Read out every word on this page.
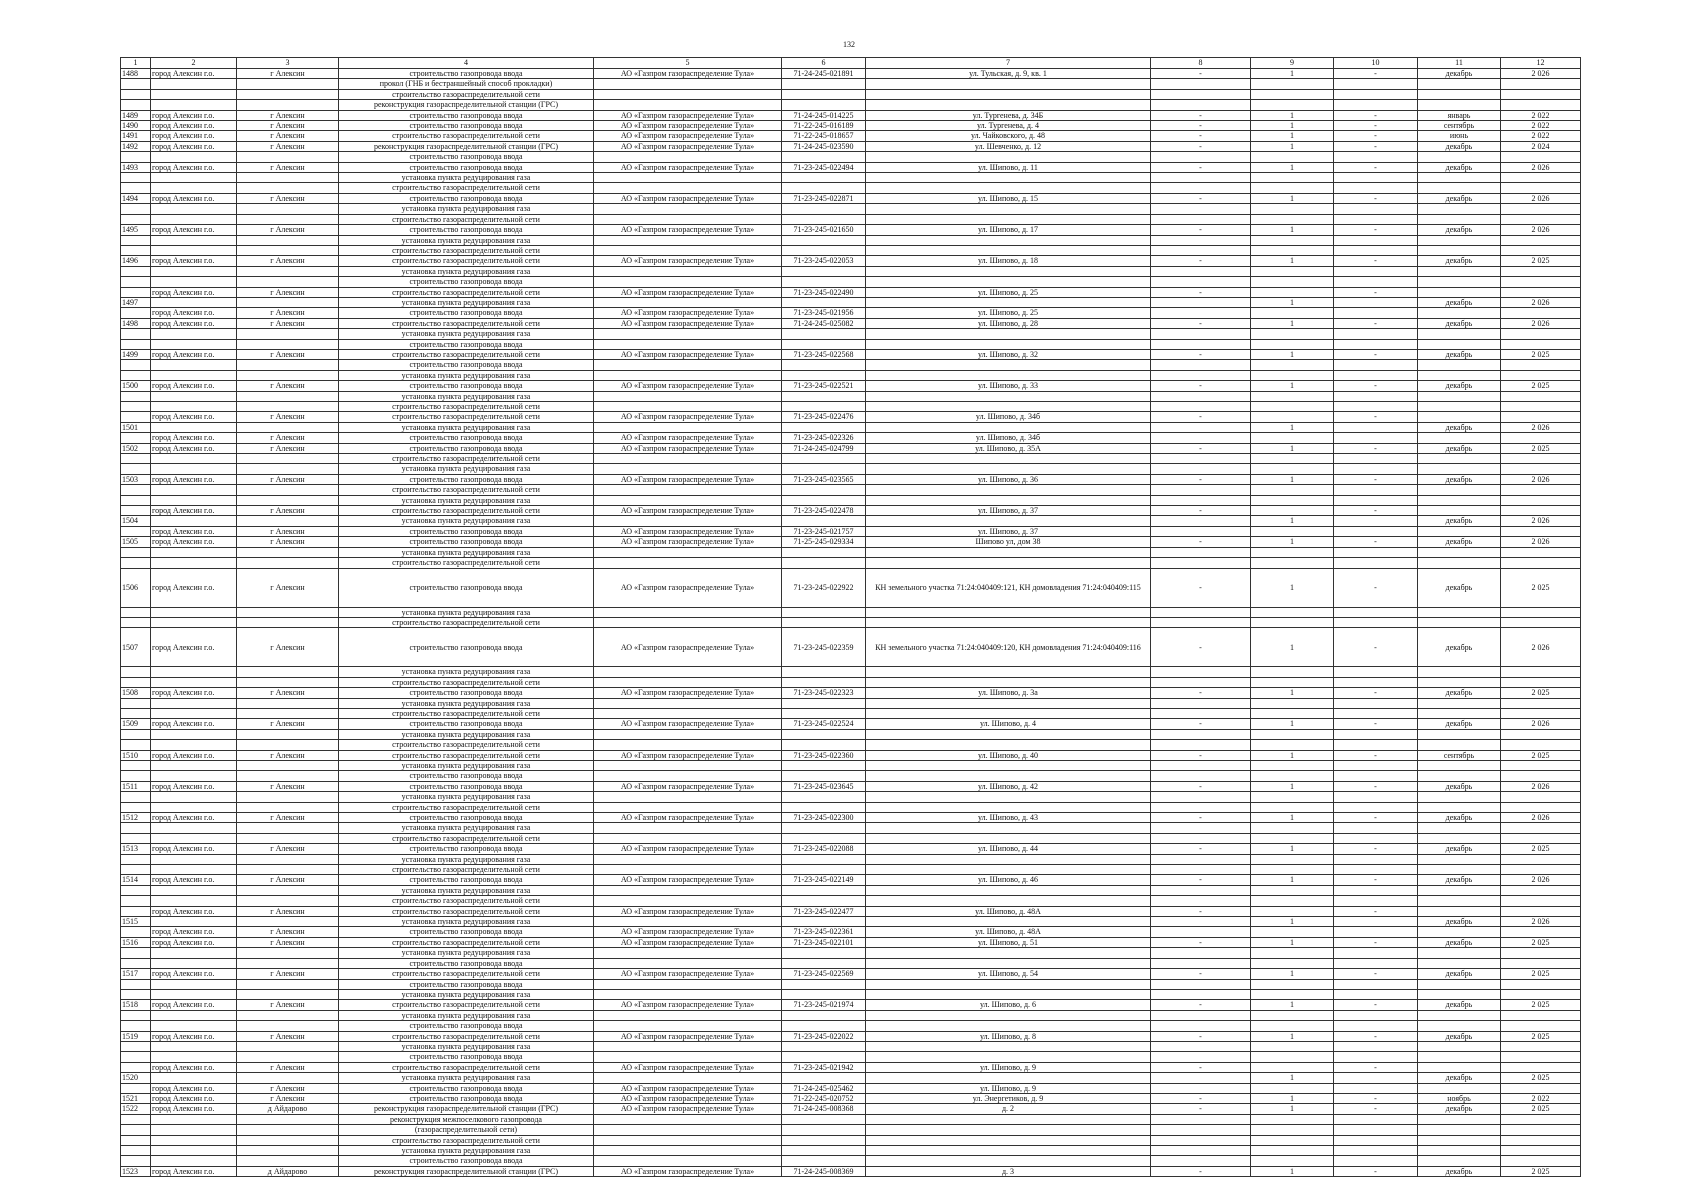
132
1	2	3	4	5	6	7	8	9	10	11	12
1488	город Алексин г.о.	г Алексин	строительство газопровода ввода	АО «Газпром газораспределение Тула»	71-24-245-021891	ул. Тульская, д. 9, кв. 1	-	1	-	декабрь	2 026
			прокол (ГНБ и бестраншейный способ прокладки)								
			строительство газораспределительной сети								
			реконструкция газораспределительной станции (ГРС)								
1489	город Алексин г.о.	г Алексин	строительство газопровода ввода	АО «Газпром газораспределение Тула»	71-24-245-014225	ул. Тургенева, д. 34Б	-	1	-	январь	2 022
1490	город Алексин г.о.	г Алексин	строительство газопровода ввода	АО «Газпром газораспределение Тула»	71-22-245-016189	ул. Тургенева, д. 4	-	1	-	сентябрь	2 022
1491	город Алексин г.о.	г Алексин	строительство газораспределительной сети	АО «Газпром газораспределение Тула»	71-22-245-018657	ул. Чайковского, д. 48	-	1	-	июнь	2 022
1492	город Алексин г.о.	г Алексин	реконструкция газораспределительной станции (ГРС)	АО «Газпром газораспределение Тула»	71-24-245-023590	ул. Шевченко, д. 12	-	1	-	декабрь	2 024
			строительство газопровода ввода								
1493	город Алексин г.о.	г Алексин	строительство газопровода ввода	АО «Газпром газораспределение Тула»	71-23-245-022494	ул. Шипово, д. 11	-	1	-	декабрь	2 026
			установка пункта редуцирования газа								
			строительство газораспределительной сети								
1494	город Алексин г.о.	г Алексин	строительство газопровода ввода	АО «Газпром газораспределение Тула»	71-23-245-022871	ул. Шипово, д. 15	-	1	-	декабрь	2 026
			установка пункта редуцирования газа								
			строительство газораспределительной сети								
1495	город Алексин г.о.	г Алексин	строительство газопровода ввода	АО «Газпром газораспределение Тула»	71-23-245-021650	ул. Шипово, д. 17	-	1	-	декабрь	2 026
			установка пункта редуцирования газа								
			строительство газораспределительной сети								
1496	город Алексин г.о.	г Алексин	строительство газораспределительной сети	АО «Газпром газораспределение Тула»	71-23-245-022053	ул. Шипово, д. 18	-	1	-	декабрь	2 025
			установка пункта редуцирования газа								
			строительство газопровода ввода								
	город Алексин г.о.	г Алексин	строительство газораспределительной сети	АО «Газпром газораспределение Тула»	71-23-245-022490	ул. Шипово, д. 25	-		-		
1497			установка пункта редуцирования газа					1		декабрь	2 026
	город Алексин г.о.	г Алексин	строительство газопровода ввода	АО «Газпром газораспределение Тула»	71-23-245-021956	ул. Шипово, д. 25					
1498	город Алексин г.о.	г Алексин	строительство газораспределительной сети	АО «Газпром газораспределение Тула»	71-24-245-025082	ул. Шипово, д. 28	-	1	-	декабрь	2 026
			установка пункта редуцирования газа								
			строительство газопровода ввода								
1499	город Алексин г.о.	г Алексин	строительство газораспределительной сети	АО «Газпром газораспределение Тула»	71-23-245-022568	ул. Шипово, д. 32	-	1	-	декабрь	2 025
			строительство газопровода ввода								
			установка пункта редуцирования газа								
1500	город Алексин г.о.	г Алексин	строительство газопровода ввода	АО «Газпром газораспределение Тула»	71-23-245-022521	ул. Шипово, д. 33	-	1	-	декабрь	2 025
			установка пункта редуцирования газа								
			строительство газораспределительной сети								
	город Алексин г.о.	г Алексин	строительство газораспределительной сети	АО «Газпром газораспределение Тула»	71-23-245-022476	ул. Шипово, д. 34б	-		-		
1501			установка пункта редуцирования газа					1		декабрь	2 026
	город Алексин г.о.	г Алексин	строительство газопровода ввода	АО «Газпром газораспределение Тула»	71-23-245-022326	ул. Шипово, д. 34б					
1502	город Алексин г.о.	г Алексин	строительство газопровода ввода	АО «Газпром газораспределение Тула»	71-24-245-024799	ул. Шипово, д. 35А	-	1	-	декабрь	2 025
			строительство газораспределительной сети								
			установка пункта редуцирования газа								
1503	город Алексин г.о.	г Алексин	строительство газопровода ввода	АО «Газпром газораспределение Тула»	71-23-245-023565	ул. Шипово, д. 36	-	1	-	декабрь	2 026
			строительство газораспределительной сети								
			установка пункта редуцирования газа								
	город Алексин г.о.	г Алексин	строительство газораспределительной сети	АО «Газпром газораспределение Тула»	71-23-245-022478	ул. Шипово, д. 37	-		-		
1504			установка пункта редуцирования газа					1		декабрь	2 026
	город Алексин г.о.	г Алексин	строительство газопровода ввода	АО «Газпром газораспределение Тула»	71-23-245-021757	ул. Шипово, д. 37					
1505	город Алексин г.о.	г Алексин	строительство газопровода ввода	АО «Газпром газораспределение Тула»	71-25-245-029334	Шипово ул, дом 38	-	1	-	декабрь	2 026
			установка пункта редуцирования газа								
			строительство газораспределительной сети								
1506	город Алексин г.о.	г Алексин	строительство газопровода ввода	АО «Газпром газораспределение Тула»	71-23-245-022922	КН земельного участка 71:24:040409:121, КН домовладения 71:24:040409:115	-	1	-	декабрь	2 025
			установка пункта редуцирования газа								
			строительство газораспределительной сети								
1507	город Алексин г.о.	г Алексин	строительство газопровода ввода	АО «Газпром газораспределение Тула»	71-23-245-022359	КН земельного участка 71:24:040409:120, КН домовладения 71:24:040409:116	-	1	-	декабрь	2 026
			установка пункта редуцирования газа								
			строительство газораспределительной сети								
1508	город Алексин г.о.	г Алексин	строительство газопровода ввода	АО «Газпром газораспределение Тула»	71-23-245-022323	ул. Шипово, д. 3а	-	1	-	декабрь	2 025
			установка пункта редуцирования газа								
			строительство газораспределительной сети								
1509	город Алексин г.о.	г Алексин	строительство газопровода ввода	АО «Газпром газораспределение Тула»	71-23-245-022524	ул. Шипово, д. 4	-	1	-	декабрь	2 026
			установка пункта редуцирования газа								
			строительство газораспределительной сети								
1510	город Алексин г.о.	г Алексин	строительство газораспределительной сети	АО «Газпром газораспределение Тула»	71-23-245-022360	ул. Шипово, д. 40	-	1	-	сентябрь	2 025
			установка пункта редуцирования газа								
			строительство газопровода ввода								
1511	город Алексин г.о.	г Алексин	строительство газопровода ввода	АО «Газпром газораспределение Тула»	71-23-245-023645	ул. Шипово, д. 42	-	1	-	декабрь	2 026
			установка пункта редуцирования газа								
			строительство газораспределительной сети								
1512	город Алексин г.о.	г Алексин	строительство газопровода ввода	АО «Газпром газораспределение Тула»	71-23-245-022300	ул. Шипово, д. 43	-	1	-	декабрь	2 026
			установка пункта редуцирования газа								
			строительство газораспределительной сети								
1513	город Алексин г.о.	г Алексин	строительство газопровода ввода	АО «Газпром газораспределение Тула»	71-23-245-022088	ул. Шипово, д. 44	-	1	-	декабрь	2 025
			установка пункта редуцирования газа								
			строительство газораспределительной сети								
1514	город Алексин г.о.	г Алексин	строительство газопровода ввода	АО «Газпром газораспределение Тула»	71-23-245-022149	ул. Шипово, д. 46	-	1	-	декабрь	2 026
			установка пункта редуцирования газа								
			строительство газораспределительной сети								
	город Алексин г.о.	г Алексин	строительство газораспределительной сети	АО «Газпром газораспределение Тула»	71-23-245-022477	ул. Шипово, д. 48А	-		-		
1515			установка пункта редуцирования газа					1		декабрь	2 026
	город Алексин г.о.	г Алексин	строительство газопровода ввода	АО «Газпром газораспределение Тула»	71-23-245-022361	ул. Шипово, д. 48А					
1516	город Алексин г.о.	г Алексин	строительство газораспределительной сети	АО «Газпром газораспределение Тула»	71-23-245-022101	ул. Шипово, д. 51	-	1	-	декабрь	2 025
			установка пункта редуцирования газа								
			строительство газопровода ввода								
1517	город Алексин г.о.	г Алексин	строительство газораспределительной сети	АО «Газпром газораспределение Тула»	71-23-245-022569	ул. Шипово, д. 54	-	1	-	декабрь	2 025
			строительство газопровода ввода								
			установка пункта редуцирования газа								
1518	город Алексин г.о.	г Алексин	строительство газораспределительной сети	АО «Газпром газораспределение Тула»	71-23-245-021974	ул. Шипово, д. 6	-	1	-	декабрь	2 025
			установка пункта редуцирования газа								
			строительство газопровода ввода								
1519	город Алексин г.о.	г Алексин	строительство газораспределительной сети	АО «Газпром газораспределение Тула»	71-23-245-022022	ул. Шипово, д. 8	-	1	-	декабрь	2 025
			установка пункта редуцирования газа								
			строительство газопровода ввода								
	город Алексин г.о.	г Алексин	строительство газораспределительной сети	АО «Газпром газораспределение Тула»	71-23-245-021942	ул. Шипово, д. 9	-		-		
1520			установка пункта редуцирования газа					1		декабрь	2 025
	город Алексин г.о.	г Алексин	строительство газопровода ввода	АО «Газпром газораспределение Тула»	71-24-245-025462	ул. Шипово, д. 9					
1521	город Алексин г.о.	г Алексин	строительство газопровода ввода	АО «Газпром газораспределение Тула»	71-22-245-020752	ул. Энергетиков, д. 9	-	1	-	ноябрь	2 022
1522	город Алексин г.о.	д Айдарово	реконструкция газораспределительной станции (ГРС)	АО «Газпром газораспределение Тула»	71-24-245-008368	д. 2	-	1	-	декабрь	2 025
			реконструкция межпоселкового газопровода								
			(газораспределительной сети)								
			строительство газораспределительной сети								
			установка пункта редуцирования газа								
			строительство газопровода ввода								
1523	город Алексин г.о.	д Айдарово	реконструкция газораспределительной станции (ГРС)	АО «Газпром газораспределение Тула»	71-24-245-008369	д. 3	-	1	-	декабрь	2 025
